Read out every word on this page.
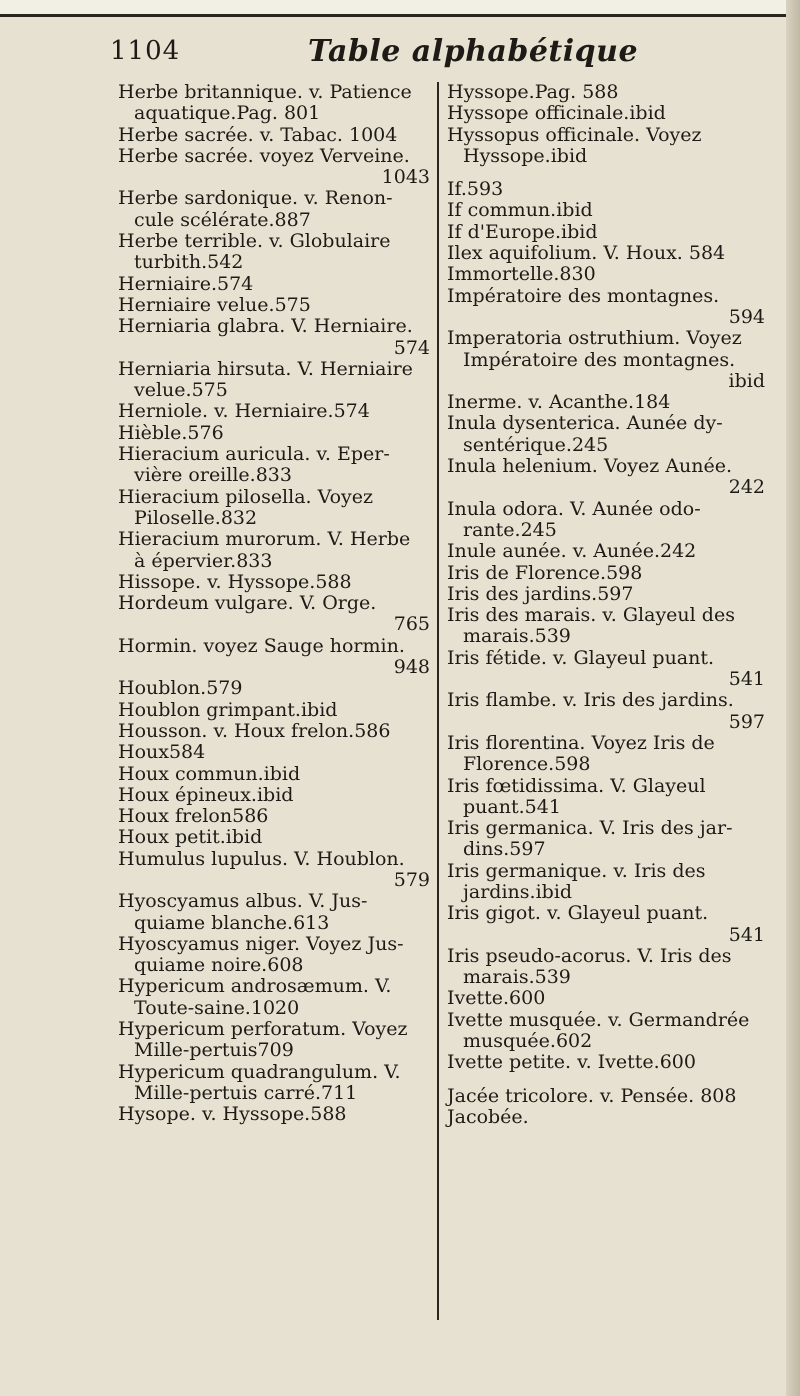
1104	Table alphabétique
Herbe britannique. v. Patience
aquatique.Pag. 801
Herbe sacrée. v. Tabac. 1004
Herbe sacrée. voyez Verveine.
1043
Herbe sardonique. v. Renon-
cule scélérate.887
Herbe terrible. v. Globulaire
turbith.542
Herniaire.574
Herniaire velue.575
Herniaria glabra. V. Herniaire.
574
Herniaria hirsuta. V. Herniaire
velue.575
Herniole. v. Herniaire.574
Hièble.576
Hieracium auricula. v. Eper-
vière oreille.833
Hieracium pilosella. Voyez
Piloselle.832
Hieracium murorum. V. Herbe
à épervier.833
Hissope. v. Hyssope.588
Hordeum vulgare. V. Orge.
765
Hormin. voyez Sauge hormin.
948
Houblon.579
Houblon grimpant.ibid
Housson. v. Houx frelon.586
Houx584
Houx commun.ibid
Houx épineux.ibid
Houx frelon586
Houx petit.ibid
Humulus lupulus. V. Houblon.
579
Hyoscyamus albus. V. Jus-
quiame blanche.613
Hyoscyamus niger. Voyez Jus-
quiame noire.608
Hypericum androsæmum. V.
Toute-saine.1020
Hypericum perforatum. Voyez
Mille-pertuis709
Hypericum quadrangulum. V.
Mille-pertuis carré.711
Hysope. v. Hyssope.588
Hyssope.Pag. 588
Hyssope officinale.ibid
Hyssopus officinale. Voyez
Hyssope.ibid
If.593
If commun.ibid
If d'Europe.ibid
Ilex aquifolium. V. Houx. 584
Immortelle.830
Impératoire des montagnes.
594
Imperatoria ostruthium. Voyez
Impératoire des montagnes.
ibid
Inerme. v. Acanthe.184
Inula dysenterica. Aunée dy-
sentérique.245
Inula helenium. Voyez Aunée.
242
Inula odora. V. Aunée odo-
rante.245
Inule aunée. v. Aunée.242
Iris de Florence.598
Iris des jardins.597
Iris des marais. v. Glayeul des
marais.539
Iris fétide. v. Glayeul puant.
541
Iris flambe. v. Iris des jardins.
597
Iris florentina. Voyez Iris de
Florence.598
Iris fœtidissima. V. Glayeul
puant.541
Iris germanica. V. Iris des jar-
dins.597
Iris germanique. v. Iris des
jardins.ibid
Iris gigot. v. Glayeul puant.
541
Iris pseudo-acorus. V. Iris des
marais.539
Ivette.600
Ivette musquée. v. Germandrée
musquée.602
Ivette petite. v. Ivette.600
Jacée tricolore. v. Pensée. 808
Jacobée.
